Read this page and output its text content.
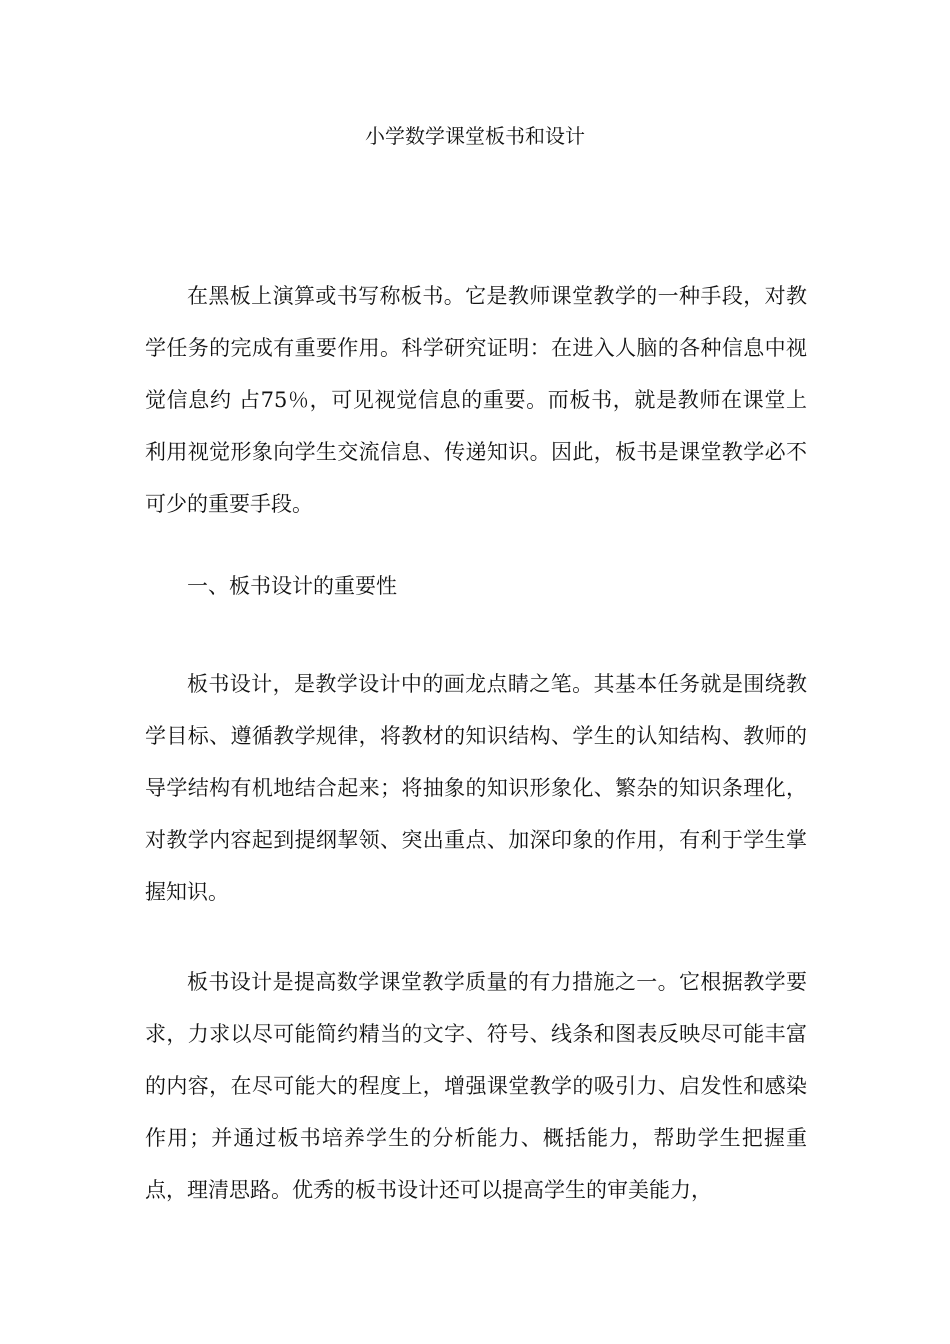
小学数学课堂板书和设计

在黑板上演算或书写称板书。它是教师课堂教学的一种手段，对教学任务的完成有重要作用。科学研究证明：在进入人脑的各种信息中视觉信息约 占75％，可见视觉信息的重要。而板书，就是教师在课堂上利用视觉形象向学生交流信息、传递知识。因此，板书是课堂教学必不可少的重要手段。

一、板书设计的重要性

板书设计，是教学设计中的画龙点睛之笔。其基本任务就是围绕教学目标、遵循教学规律，将教材的知识结构、学生的认知结构、教师的导学结构有机地结合起来；将抽象的知识形象化、繁杂的知识条理化，对教学内容起到提纲挈领、突出重点、加深印象的作用，有利于学生掌握知识。

板书设计是提高数学课堂教学质量的有力措施之一。它根据教学要求，力求以尽可能简约精当的文字、符号、线条和图表反映尽可能丰富的内容，在尽可能大的程度上，增强课堂教学的吸引力、启发性和感染作用；并通过板书培养学生的分析能力、概括能力，帮助学生把握重点，理清思路。优秀的板书设计还可以提高学生的审美能力，
